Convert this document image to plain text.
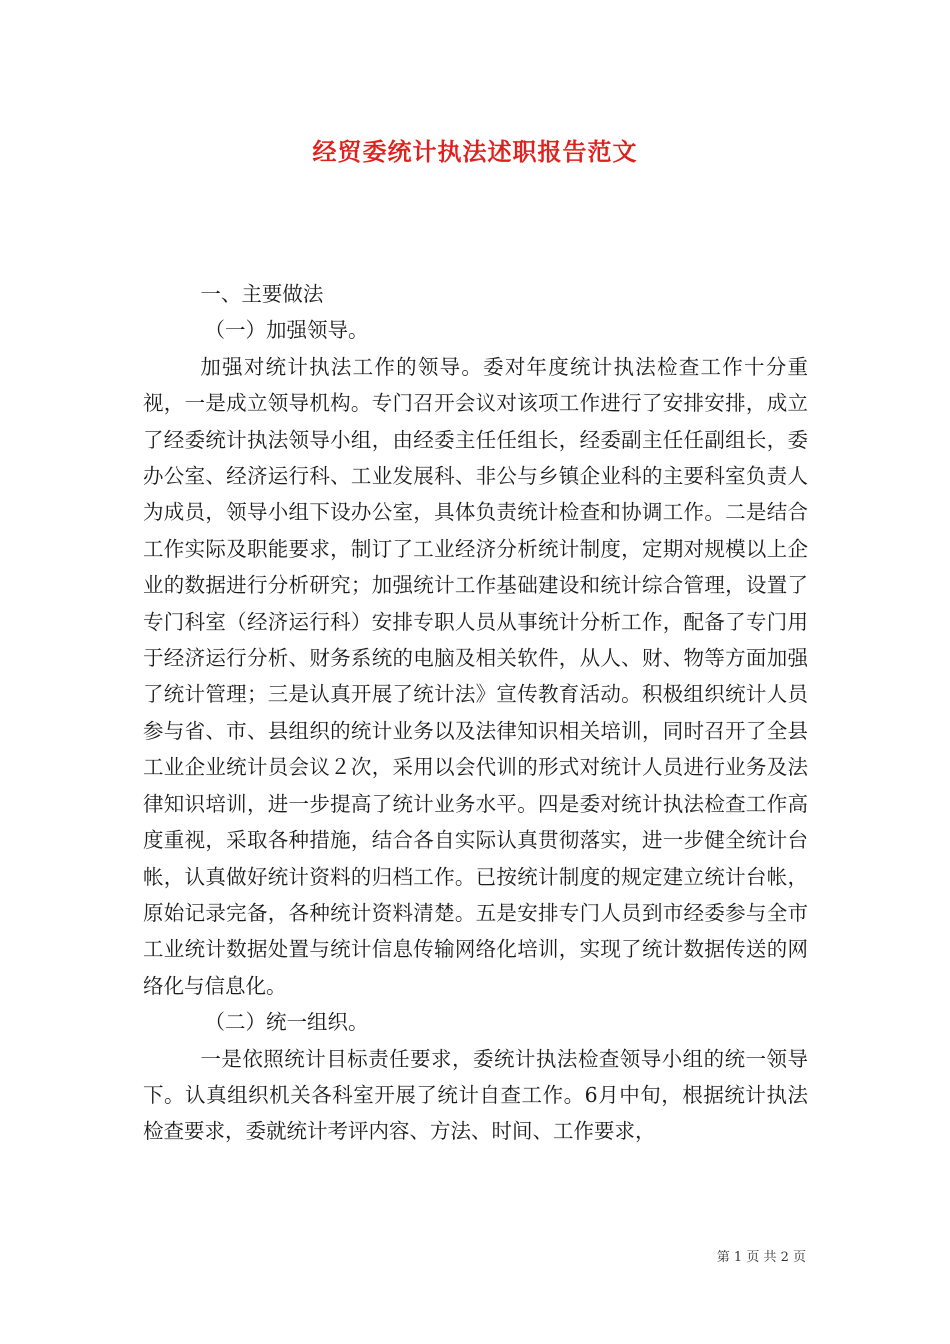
经贸委统计执法述职报告范文

一、主要做法

（一）加强领导。

加强对统计执法工作的领导。委对年度统计执法检查工作十分重视，一是成立领导机构。专门召开会议对该项工作进行了安排安排，成立了经委统计执法领导小组，由经委主任任组长，经委副主任任副组长，委办公室、经济运行科、工业发展科、非公与乡镇企业科的主要科室负责人为成员，领导小组下设办公室，具体负责统计检查和协调工作。二是结合工作实际及职能要求，制订了工业经济分析统计制度，定期对规模以上企业的数据进行分析研究；加强统计工作基础建设和统计综合管理，设置了专门科室（经济运行科）安排专职人员从事统计分析工作，配备了专门用于经济运行分析、财务系统的电脑及相关软件，从人、财、物等方面加强了统计管理；三是认真开展了统计法》宣传教育活动。积极组织统计人员参与省、市、县组织的统计业务以及法律知识相关培训，同时召开了全县工业企业统计员会议２次，采用以会代训的形式对统计人员进行业务及法律知识培训，进一步提高了统计业务水平。四是委对统计执法检查工作高度重视，采取各种措施，结合各自实际认真贯彻落实，进一步健全统计台帐，认真做好统计资料的归档工作。已按统计制度的规定建立统计台帐，原始记录完备，各种统计资料清楚。五是安排专门人员到市经委参与全市工业统计数据处置与统计信息传输网络化培训，实现了统计数据传送的网络化与信息化。

（二）统一组织。

一是依照统计目标责任要求，委统计执法检查领导小组的统一领导下。认真组织机关各科室开展了统计自查工作。6月中旬，根据统计执法检查要求，委就统计考评内容、方法、时间、工作要求，

第 1 页 共 2 页
